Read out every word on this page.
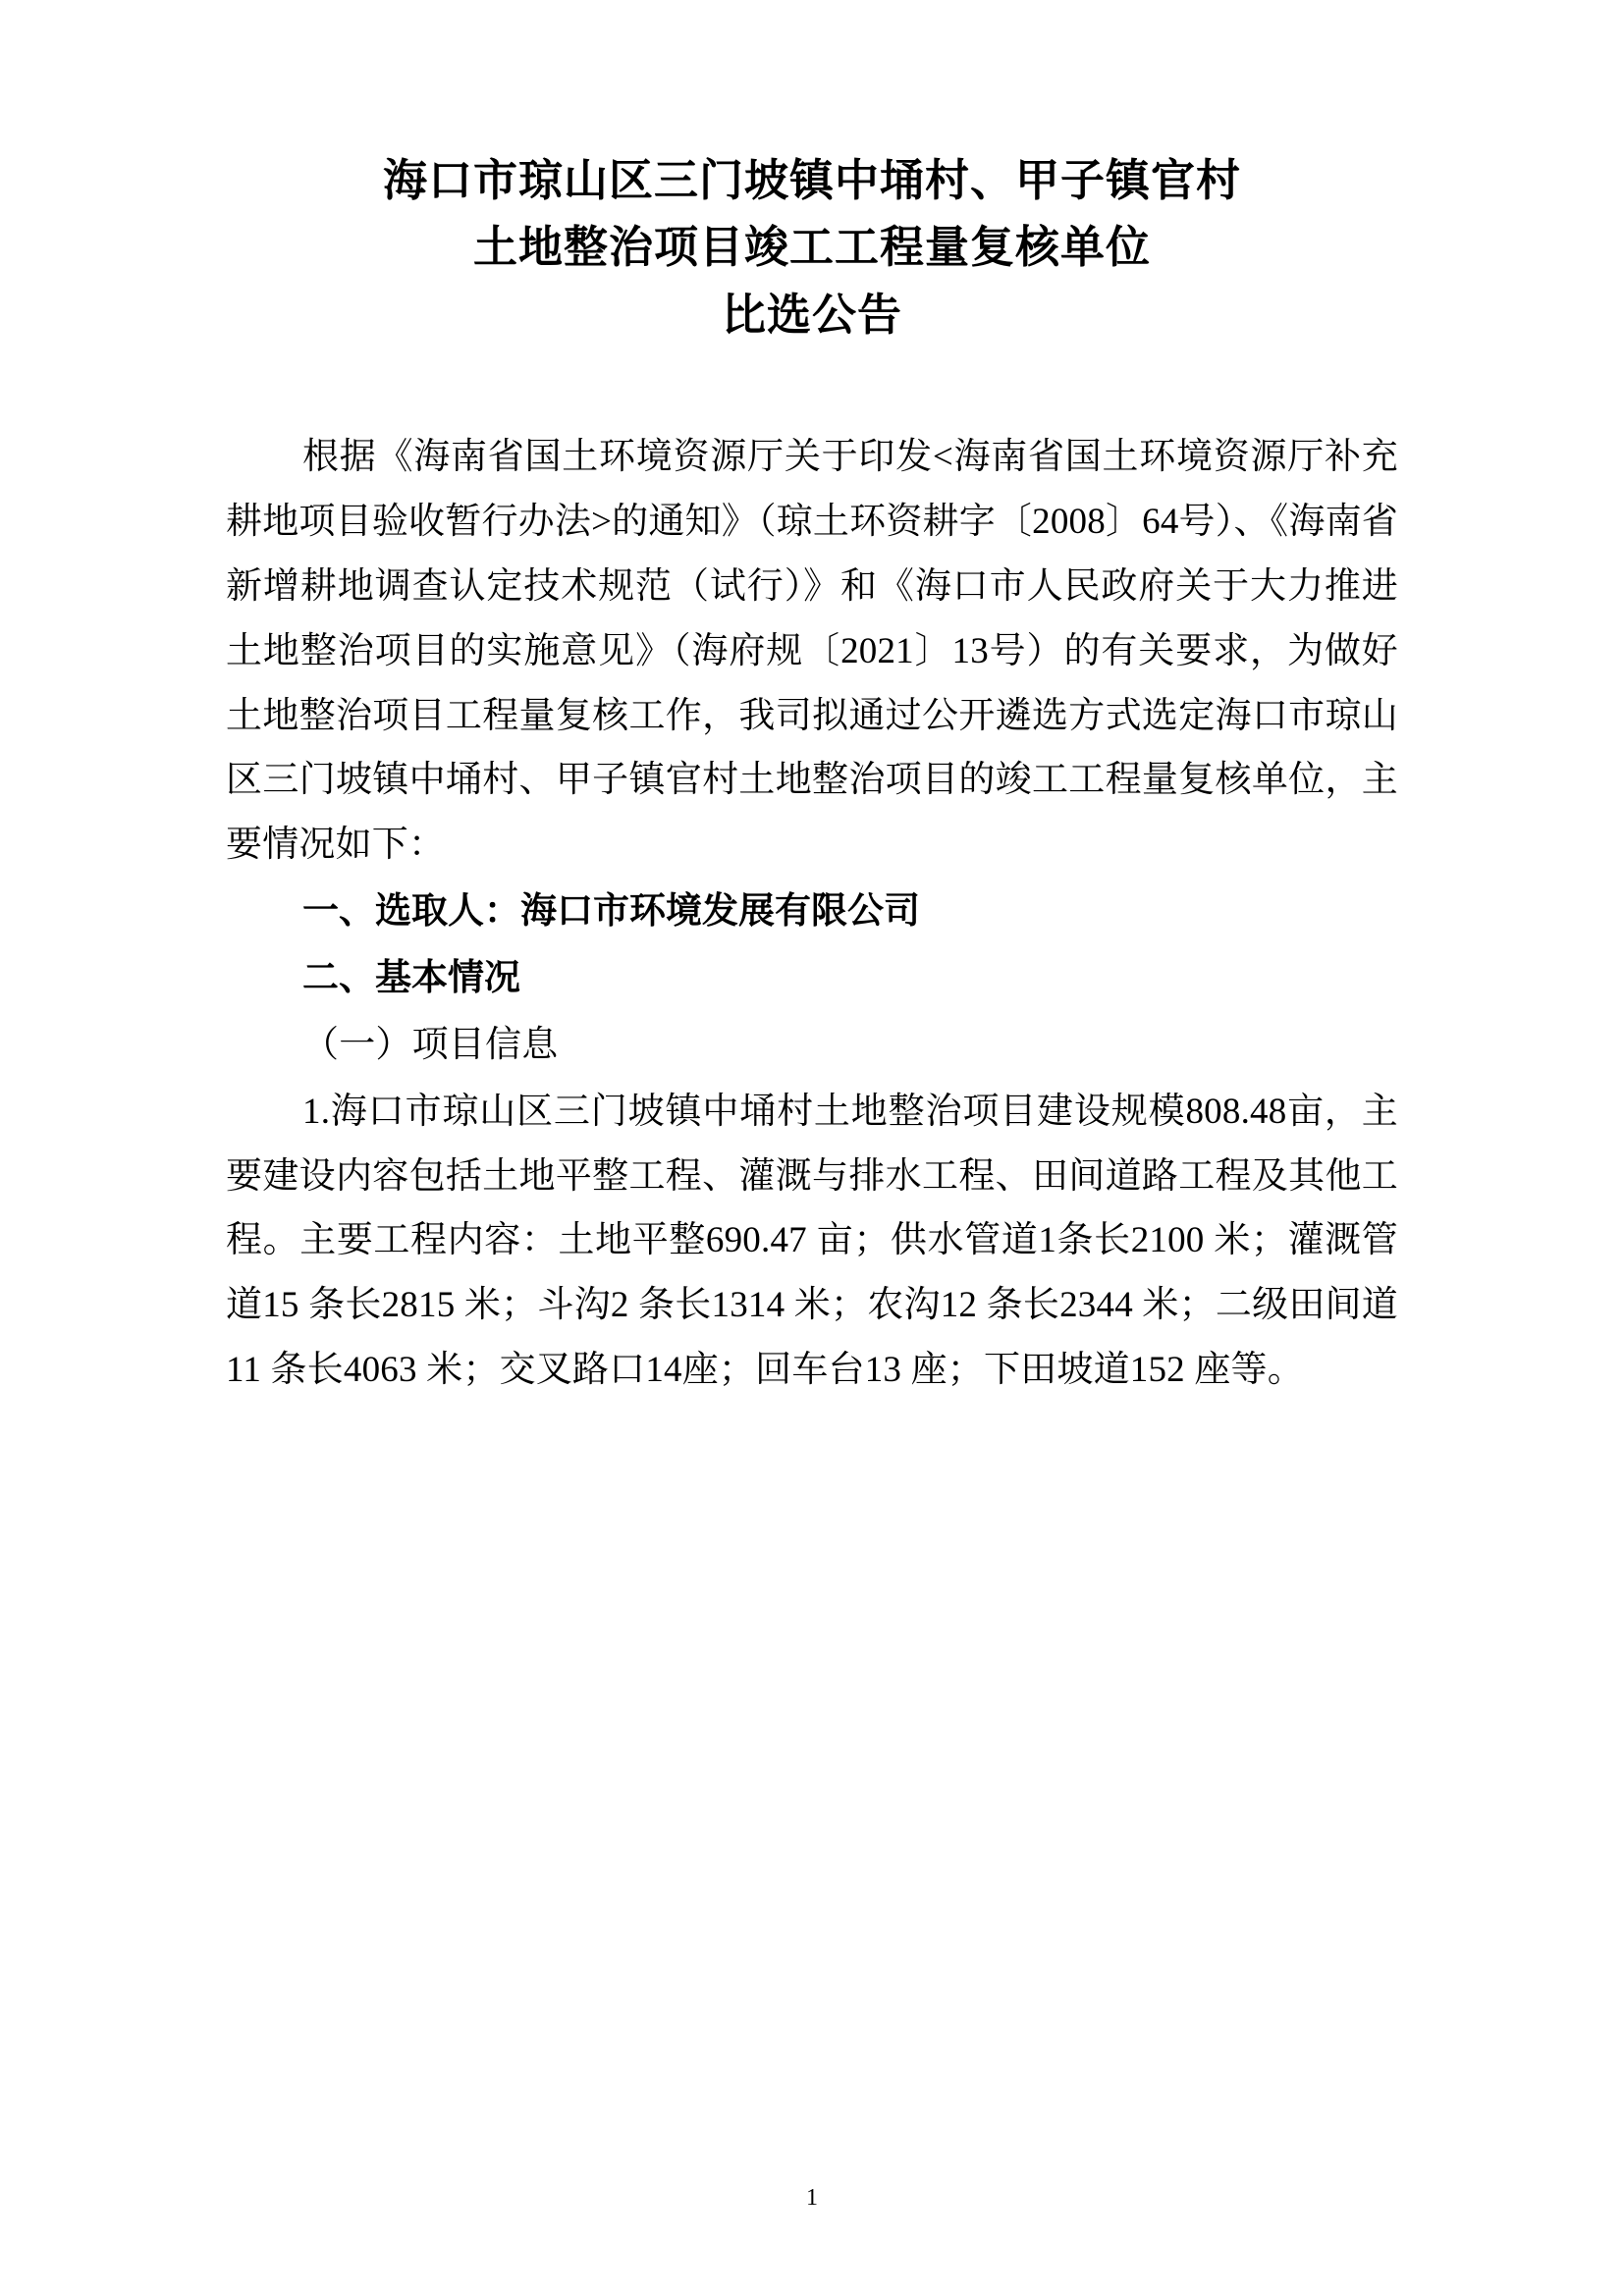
海口市琼山区三门坡镇中埇村、甲子镇官村
土地整治项目竣工工程量复核单位
比选公告

根据《海南省国土环境资源厅关于印发<海南省国土环境资源厅补充耕地项目验收暂行办法>的通知》（琼土环资耕字〔2008〕64号）、《海南省新增耕地调查认定技术规范（试行）》和《海口市人民政府关于大力推进土地整治项目的实施意见》（海府规〔2021〕13号）的有关要求，为做好土地整治项目工程量复核工作，我司拟通过公开遴选方式选定海口市琼山区三门坡镇中埇村、甲子镇官村土地整治项目的竣工工程量复核单位，主要情况如下：

一、选取人：海口市环境发展有限公司

二、基本情况

（一）项目信息

1.海口市琼山区三门坡镇中埇村土地整治项目建设规模808.48亩，主要建设内容包括土地平整工程、灌溉与排水工程、田间道路工程及其他工程。主要工程内容：土地平整690.47 亩；供水管道1条长2100 米；灌溉管道15 条长2815 米；斗沟2 条长1314 米；农沟12 条长2344 米；二级田间道11 条长4063 米；交叉路口14座；回车台13 座；下田坡道152 座等。

1
